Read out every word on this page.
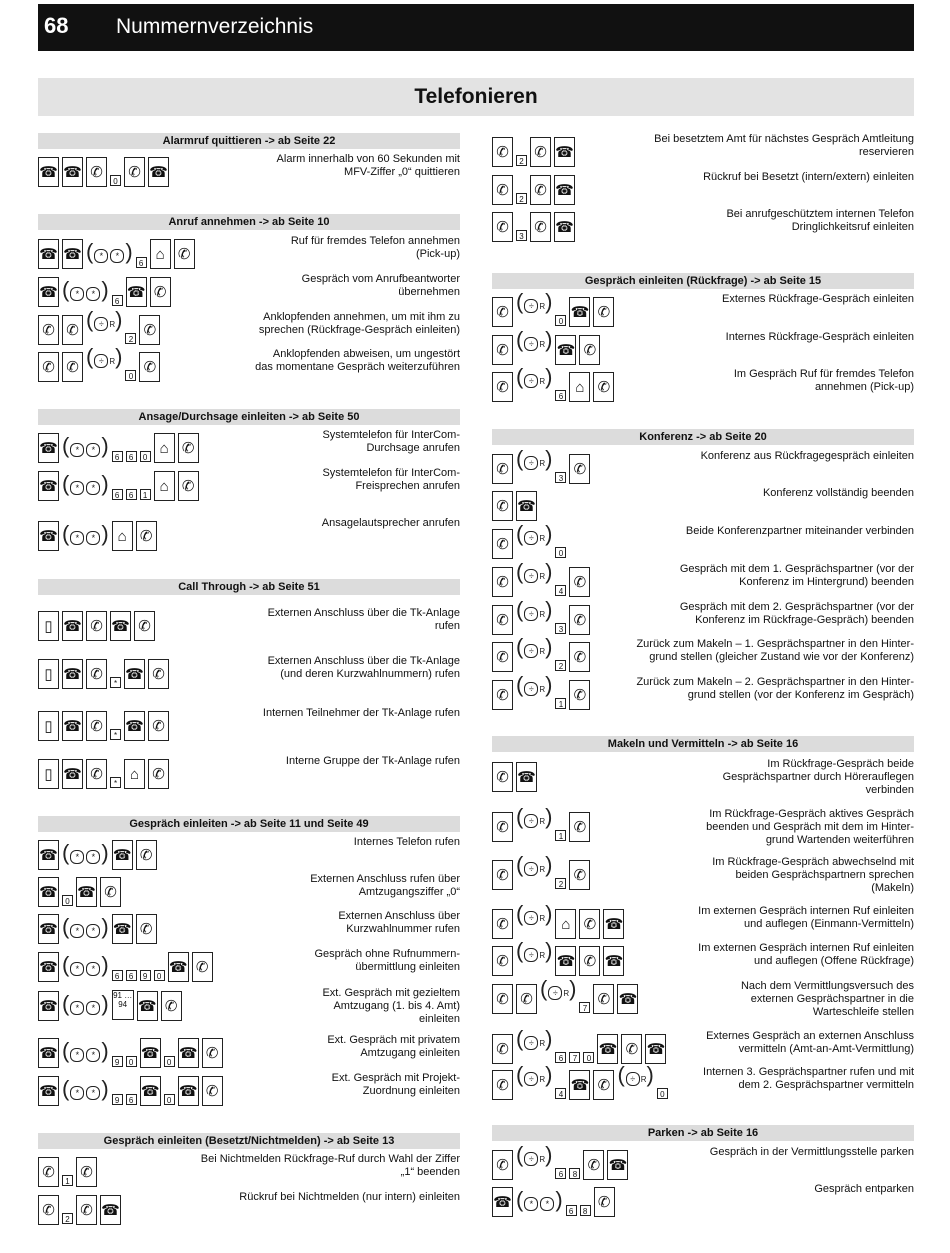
68 Nummernverzeichnis
Telefonieren
Alarmruf quittieren -> ab Seite 22
☎ ☎ ✆
0
✆ ☎
Alarm innerhalb von 60 Sekunden mit
MFV-Ziffer „0“ quittieren
Anruf annehmen -> ab Seite 10
☎ ☎ ( * * ) 6
⌂ ✆
Ruf für fremdes Telefon annehmen
(Pick-up)
☎ ( * * ) 6
☎ ✆
Gespräch vom Anrufbeantworter
übernehmen
✆ ✆ ( ÷ R)
2
✆
Anklopfenden annehmen, um mit ihm zu
sprechen (Rückfrage-Gespräch einleiten)
✆ ✆ ( ÷ R)
0
✆
Anklopfenden abweisen, um ungestört
das momentane Gespräch weiterzuführen
Ansage/Durchsage einleiten -> ab Seite 50
☎ ( * * ) 6	6	0
⌂ ✆
Systemtelefon für InterCom-
Durchsage anrufen
☎ ( * * ) 6	6	1
⌂ ✆
Systemtelefon für InterCom-
Freisprechen anrufen
☎ ( * * ) ⌂ ✆
Ansagelautsprecher anrufen
Call Through -> ab Seite 51
▯ ☎ ✆ ☎ ✆
Externen Anschluss über die Tk-Anlage
rufen
▯ ☎ ✆
*
☎ ✆
Externen Anschluss über die Tk-Anlage
(und deren Kurzwahlnummern) rufen
▯ ☎ ✆
*
☎ ✆
Internen Teilnehmer der Tk-Anlage rufen
▯ ☎ ✆
*
⌂ ✆
Interne Gruppe der Tk-Anlage rufen
Gespräch einleiten -> ab Seite 11 und Seite 49
☎ ( * * ) ☎ ✆
Internes Telefon rufen
☎
0
☎ ✆
Externen Anschluss rufen über
Amtzugangsziffer „0“
☎ ( * * ) ☎ ✆
Externen Anschluss über
Kurzwahlnummer rufen
☎ ( * * ) 6	6	9	0
☎ ✆
Gespräch ohne Rufnummern-
übermittlung einleiten
☎ ( * * ) 91 … 94 ☎ ✆
Ext. Gespräch mit gezieltem
Amtzugang (1. bis 4. Amt)
einleiten
☎ ( * * ) 9	0
☎
0
☎ ✆
Ext. Gespräch mit privatem
Amtzugang einleiten
☎ ( * * ) 9	6
☎
0
☎ ✆
Ext. Gespräch mit Projekt-
Zuordnung einleiten
Gespräch einleiten (Besetzt/Nichtmelden) -> ab Seite 13
✆
1
✆
Bei Nichtmelden Rückfrage-Ruf durch Wahl der Ziffer
„1“ beenden
✆
2
✆ ☎
Rückruf bei Nichtmelden (nur intern) einleiten
✆
2
✆ ☎
Bei besetztem Amt für nächstes Gespräch Amtleitung
reservieren
✆
2
✆ ☎
Rückruf bei Besetzt (intern/extern) einleiten
✆
3
✆ ☎
Bei anrufgeschütztem internen Telefon
Dringlichkeitsruf einleiten
Gespräch einleiten (Rückfrage) -> ab Seite 15
✆ ( ÷ R)
0
☎ ✆
Externes Rückfrage-Gespräch einleiten
✆ ( ÷ R) ☎ ✆
Internes Rückfrage-Gespräch einleiten
✆ ( ÷ R)
6
⌂ ✆
Im Gespräch Ruf für fremdes Telefon
annehmen (Pick-up)
Konferenz -> ab Seite 20
✆ ( ÷ R)
3
✆
Konferenz aus Rückfragegespräch einleiten
✆ ☎
Konferenz vollständig beenden
✆ ( ÷ R)
0
Beide Konferenzpartner miteinander verbinden
✆ ( ÷ R)
4
✆
Gespräch mit dem 1. Gesprächspartner (vor der
Konferenz im Hintergrund) beenden
✆ ( ÷ R)
3
✆
Gespräch mit dem 2. Gesprächspartner (vor der
Konferenz im Rückfrage-Gespräch) beenden
✆ ( ÷ R)
2
✆
Zurück zum Makeln – 1. Gesprächspartner in den Hinter-
grund stellen (gleicher Zustand wie vor der Konferenz)
✆ ( ÷ R)
1
✆
Zurück zum Makeln – 2. Gesprächspartner in den Hinter-
grund stellen (vor der Konferenz im Gespräch)
Makeln und Vermitteln -> ab Seite 16
✆ ☎
Im Rückfrage-Gespräch beide
Gesprächspartner durch Hörerauflegen
verbinden
✆ ( ÷ R)
1
✆
Im Rückfrage-Gespräch aktives Gespräch
beenden und Gespräch mit dem im Hinter-
grund Wartenden weiterführen
✆ ( ÷ R)
2
✆
Im Rückfrage-Gespräch abwechselnd mit
beiden Gesprächspartnern sprechen
(Makeln)
✆ ( ÷ R) ⌂ ✆ ☎
Im externen Gespräch internen Ruf einleiten
und auflegen (Einmann-Vermitteln)
✆ ( ÷ R) ☎ ✆ ☎
Im externen Gespräch internen Ruf einleiten
und auflegen (Offene Rückfrage)
✆ ✆ ( ÷ R)
7
✆ ☎
Nach dem Vermittlungsversuch des
externen Gesprächspartner in die
Warteschleife stellen
✆ ( ÷ R)
6	7	0
☎ ✆ ☎
Externes Gespräch an externen Anschluss
vermitteln (Amt-an-Amt-Vermittlung)
✆ ( ÷ R)
4
☎ ✆ ( ÷ R)
0
Internen 3. Gesprächspartner rufen und mit
dem 2. Gesprächspartner vermitteln
Parken -> ab Seite 16
✆ ( ÷ R)
6	8
✆ ☎
Gespräch in der Vermittlungsstelle parken
☎ ( * * ) 6	8
✆
Gespräch entparken
